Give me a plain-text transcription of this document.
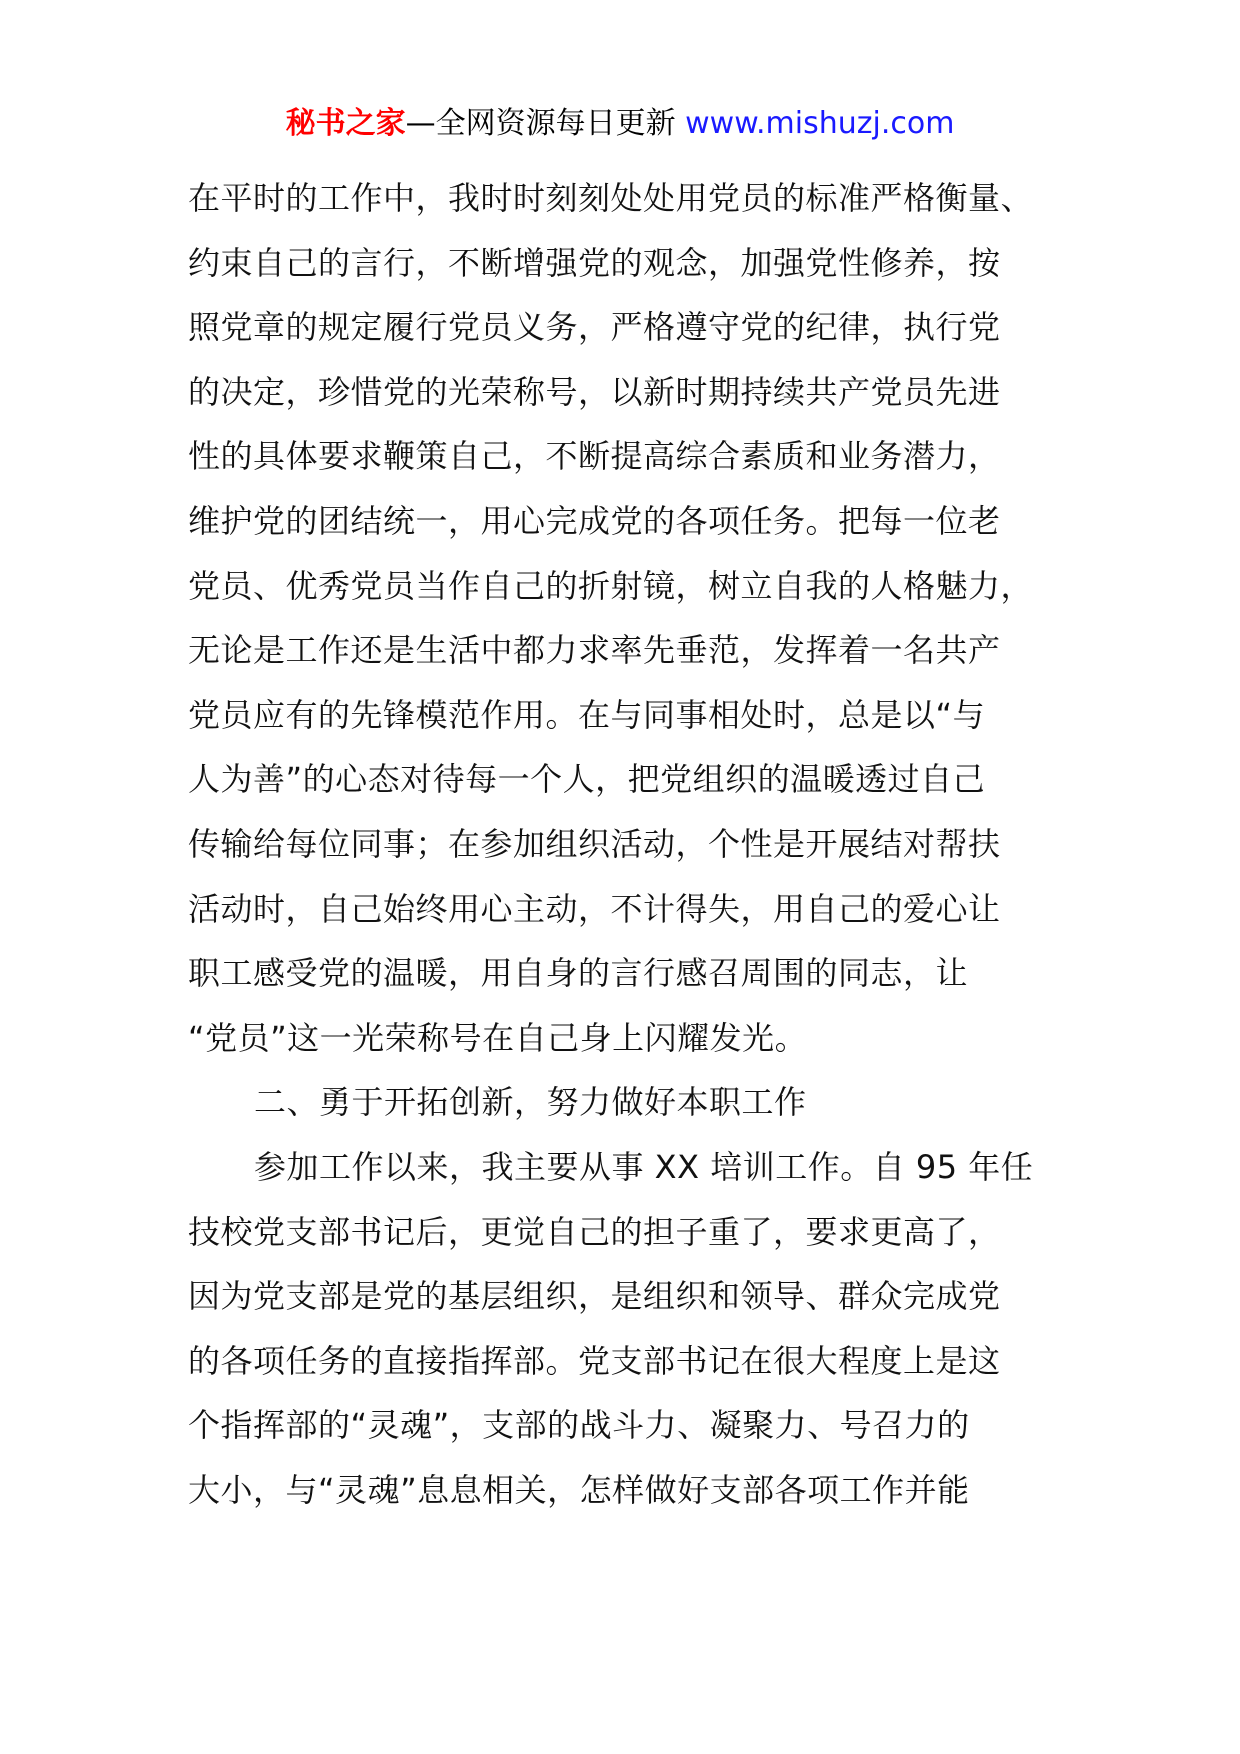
秘书之家—全网资源每日更新 www.mishuzj.com
在平时的工作中，我时时刻刻处处用党员的标准严格衡量、
约束自己的言行，不断增强党的观念，加强党性修养，按
照党章的规定履行党员义务，严格遵守党的纪律，执行党
的决定，珍惜党的光荣称号，以新时期持续共产党员先进
性的具体要求鞭策自己，不断提高综合素质和业务潜力，
维护党的团结统一，用心完成党的各项任务。把每一位老
党员、优秀党员当作自己的折射镜，树立自我的人格魅力，
无论是工作还是生活中都力求率先垂范，发挥着一名共产
党员应有的先锋模范作用。在与同事相处时，总是以“与
人为善”的心态对待每一个人，把党组织的温暖透过自己
传输给每位同事；在参加组织活动，个性是开展结对帮扶
活动时，自己始终用心主动，不计得失，用自己的爱心让
职工感受党的温暖，用自身的言行感召周围的同志，让
“党员”这一光荣称号在自己身上闪耀发光。
二、勇于开拓创新，努力做好本职工作
参加工作以来，我主要从事 XX 培训工作。自 95 年任
技校党支部书记后，更觉自己的担子重了，要求更高了，
因为党支部是党的基层组织，是组织和领导、群众完成党
的各项任务的直接指挥部。党支部书记在很大程度上是这
个指挥部的“灵魂”，支部的战斗力、凝聚力、号召力的
大小，与“灵魂”息息相关，怎样做好支部各项工作并能
